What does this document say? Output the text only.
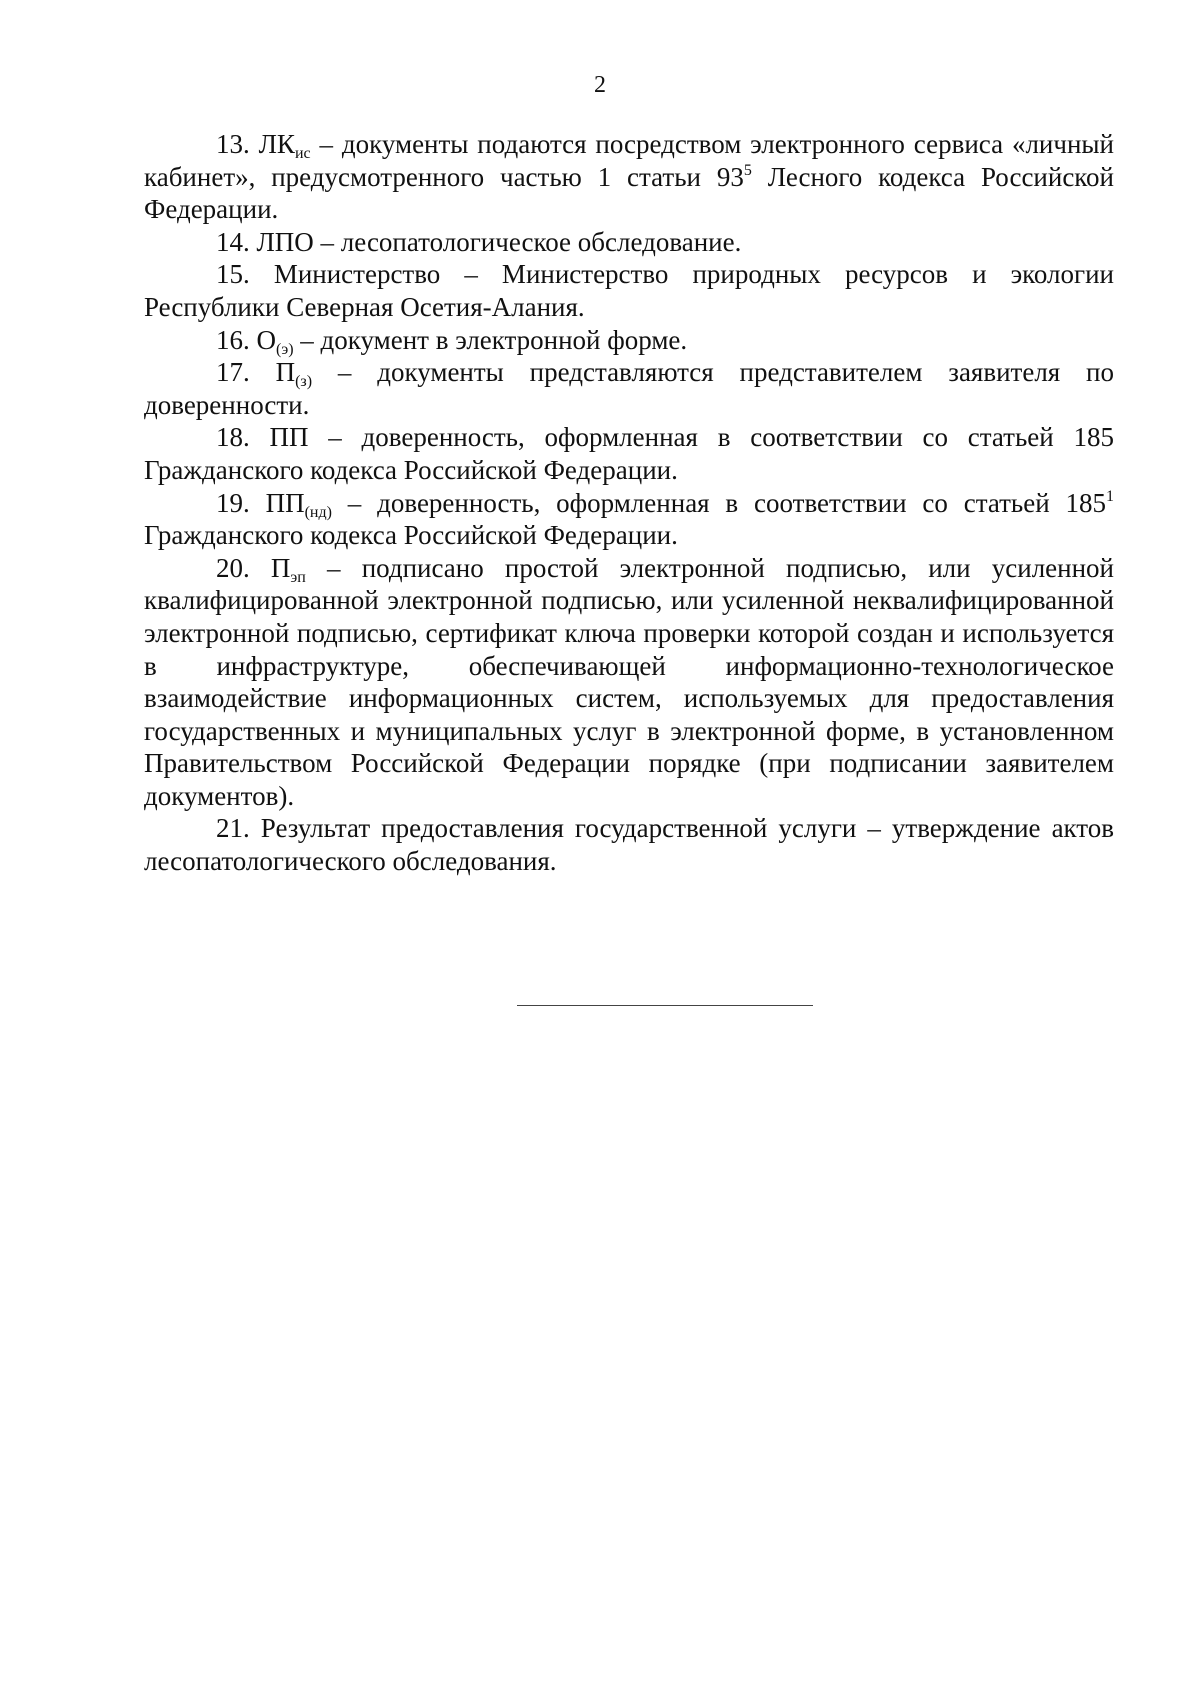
2

13. $ЛК_{ис}$ – документы подаются посредством электронного сервиса «личный кабинет», предусмотренного частью 1 статьи $93^5$ Лесного кодекса Российской Федерации.

14. ЛПО – лесопатологическое обследование.

15. Министерство – Министерство природных ресурсов и экологии Республики Северная Осетия-Алания.

16. $О_{(э)}$ – документ в электронной форме.

17. $П_{(з)}$ – документы представляются представителем заявителя по доверенности.

18. ПП – доверенность, оформленная в соответствии со статьей 185 Гражданского кодекса Российской Федерации.

19. $ПП_{(нд)}$ – доверенность, оформленная в соответствии со статьей $185^1$ Гражданского кодекса Российской Федерации.

20. $П_{эп}$ – подписано простой электронной подписью, или усиленной квалифицированной электронной подписью, или усиленной неквалифицированной электронной подписью, сертификат ключа проверки которой создан и используется в инфраструктуре, обеспечивающей информационно-технологическое взаимодействие информационных систем, используемых для предоставления государственных и муниципальных услуг в электронной форме, в установленном Правительством Российской Федерации порядке (при подписании заявителем документов).

21. Результат предоставления государственной услуги – утверждение актов лесопатологического обследования.
